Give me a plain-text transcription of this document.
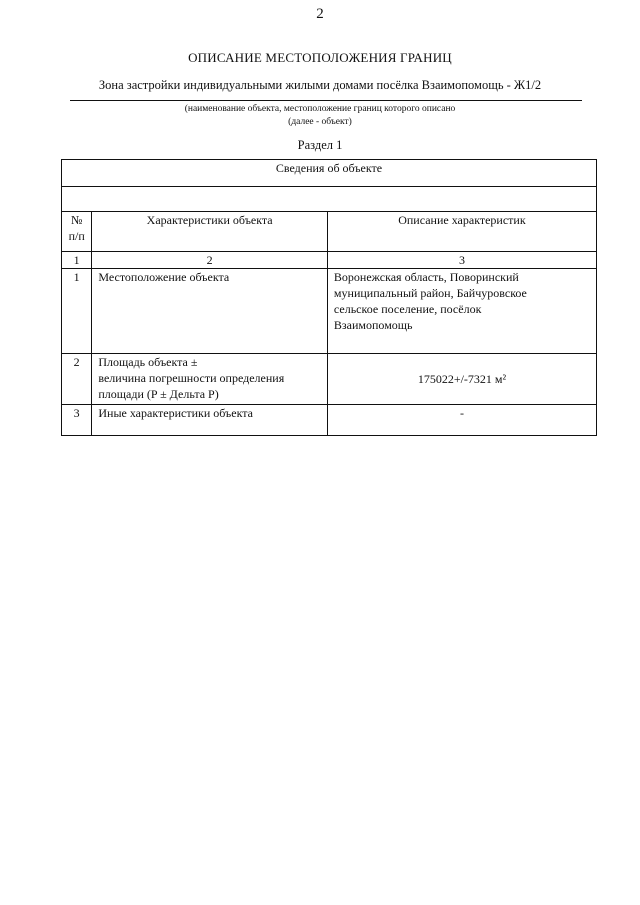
2
ОПИСАНИЕ МЕСТОПОЛОЖЕНИЯ ГРАНИЦ
Зона застройки индивидуальными жилыми домами посёлка Взаимопомощь - Ж1/2
(наименование объекта, местоположение границ которого описано
(далее - объект)
Раздел 1
Сведения об объекте		

№
п/п	Характеристики объекта	Описание характеристик
1	2	3
1	Местоположение объекта	Воронежская область, Поворинский
муниципальный район, Байчуровское
сельское поселение, посёлок
Взаимопомощь

2	Площадь объекта ±
величина погрешности определения
площади (P ± Дельта P)	175022+/-7321 м²

3	Иные характеристики объекта	-
